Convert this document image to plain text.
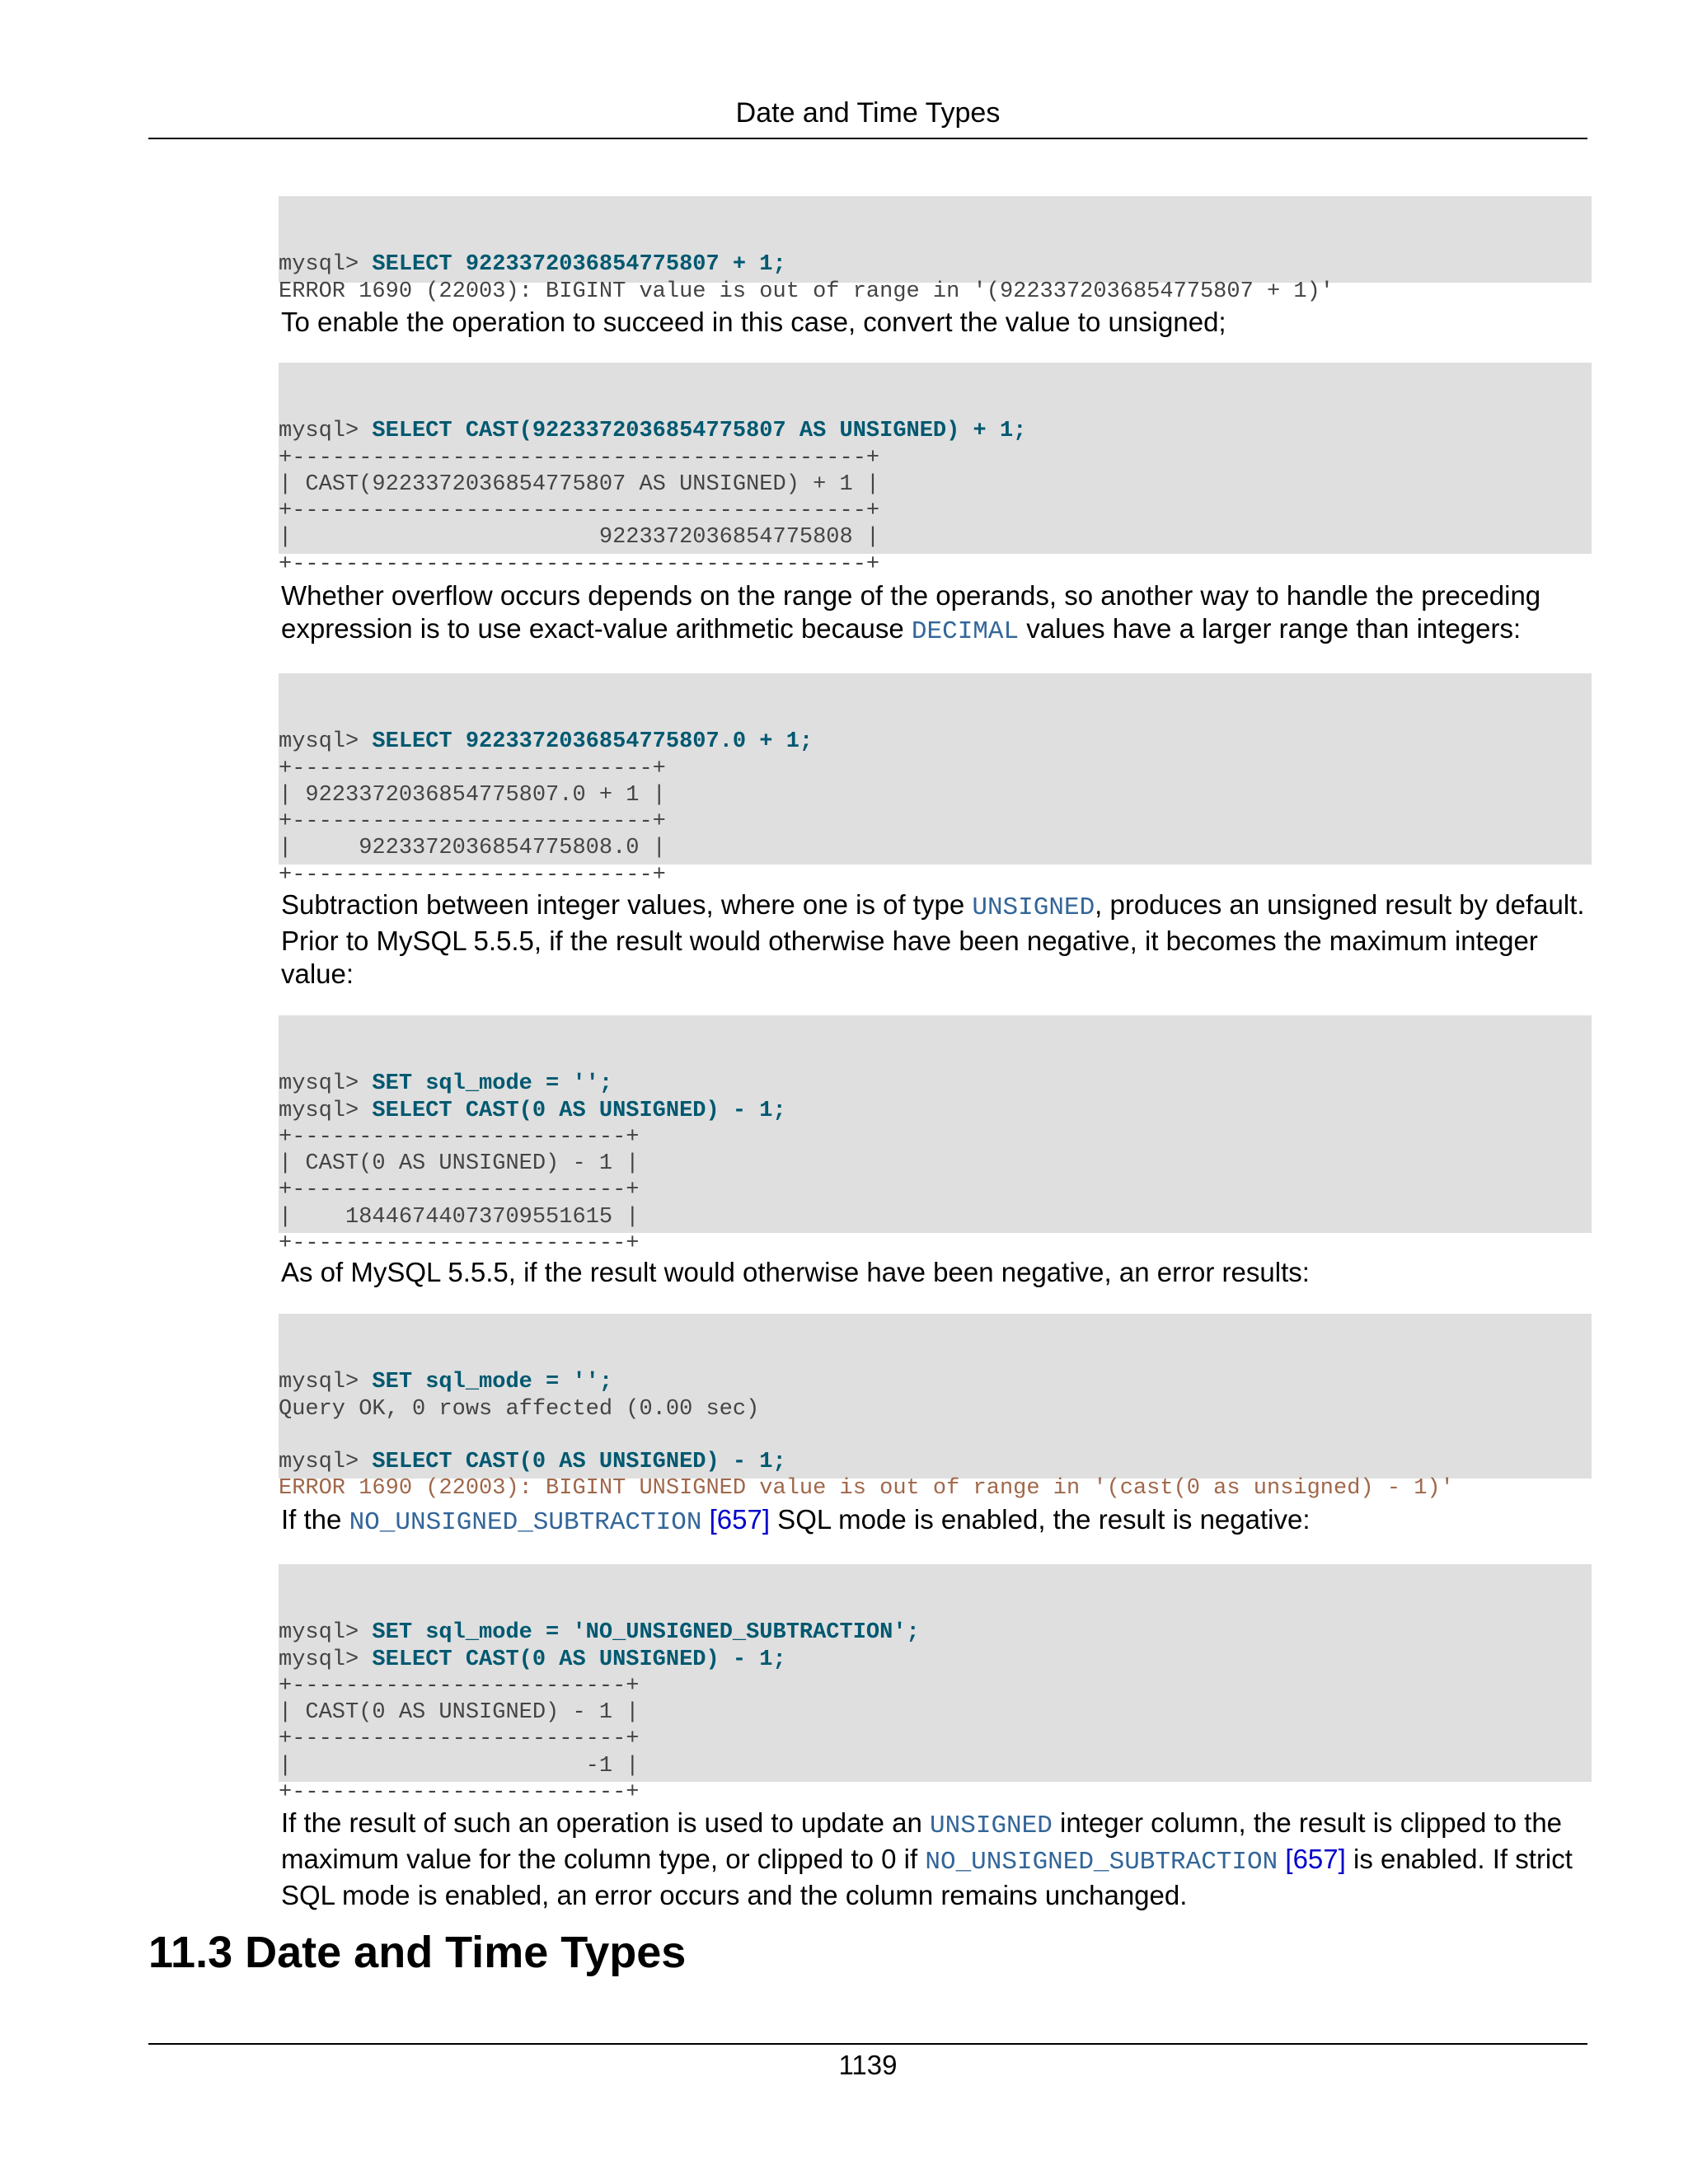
Date and Time Types

mysql> SELECT 9223372036854775807 + 1;
ERROR 1690 (22003): BIGINT value is out of range in '(9223372036854775807 + 1)'

To enable the operation to succeed in this case, convert the value to unsigned;

mysql> SELECT CAST(9223372036854775807 AS UNSIGNED) + 1;
+-------------------------------------------+
| CAST(9223372036854775807 AS UNSIGNED) + 1 |
+-------------------------------------------+
|                       9223372036854775808 |
+-------------------------------------------+

Whether overflow occurs depends on the range of the operands, so another way to handle the preceding expression is to use exact-value arithmetic because DECIMAL values have a larger range than integers:

mysql> SELECT 9223372036854775807.0 + 1;
+---------------------------+
| 9223372036854775807.0 + 1 |
+---------------------------+
|     9223372036854775808.0 |
+---------------------------+

Subtraction between integer values, where one is of type UNSIGNED, produces an unsigned result by default. Prior to MySQL 5.5.5, if the result would otherwise have been negative, it becomes the maximum integer value:

mysql> SET sql_mode = '';
mysql> SELECT CAST(0 AS UNSIGNED) - 1;
+-------------------------+
| CAST(0 AS UNSIGNED) - 1 |
+-------------------------+
|    18446744073709551615 |
+-------------------------+

As of MySQL 5.5.5, if the result would otherwise have been negative, an error results:

mysql> SET sql_mode = '';
Query OK, 0 rows affected (0.00 sec)
mysql> SELECT CAST(0 AS UNSIGNED) - 1;
ERROR 1690 (22003): BIGINT UNSIGNED value is out of range in '(cast(0 as unsigned) - 1)'

If the NO_UNSIGNED_SUBTRACTION [657] SQL mode is enabled, the result is negative:

mysql> SET sql_mode = 'NO_UNSIGNED_SUBTRACTION';
mysql> SELECT CAST(0 AS UNSIGNED) - 1;
+-------------------------+
| CAST(0 AS UNSIGNED) - 1 |
+-------------------------+
|                      -1 |
+-------------------------+

If the result of such an operation is used to update an UNSIGNED integer column, the result is clipped to the maximum value for the column type, or clipped to 0 if NO_UNSIGNED_SUBTRACTION [657] is enabled. If strict SQL mode is enabled, an error occurs and the column remains unchanged.

11.3 Date and Time Types
1139
